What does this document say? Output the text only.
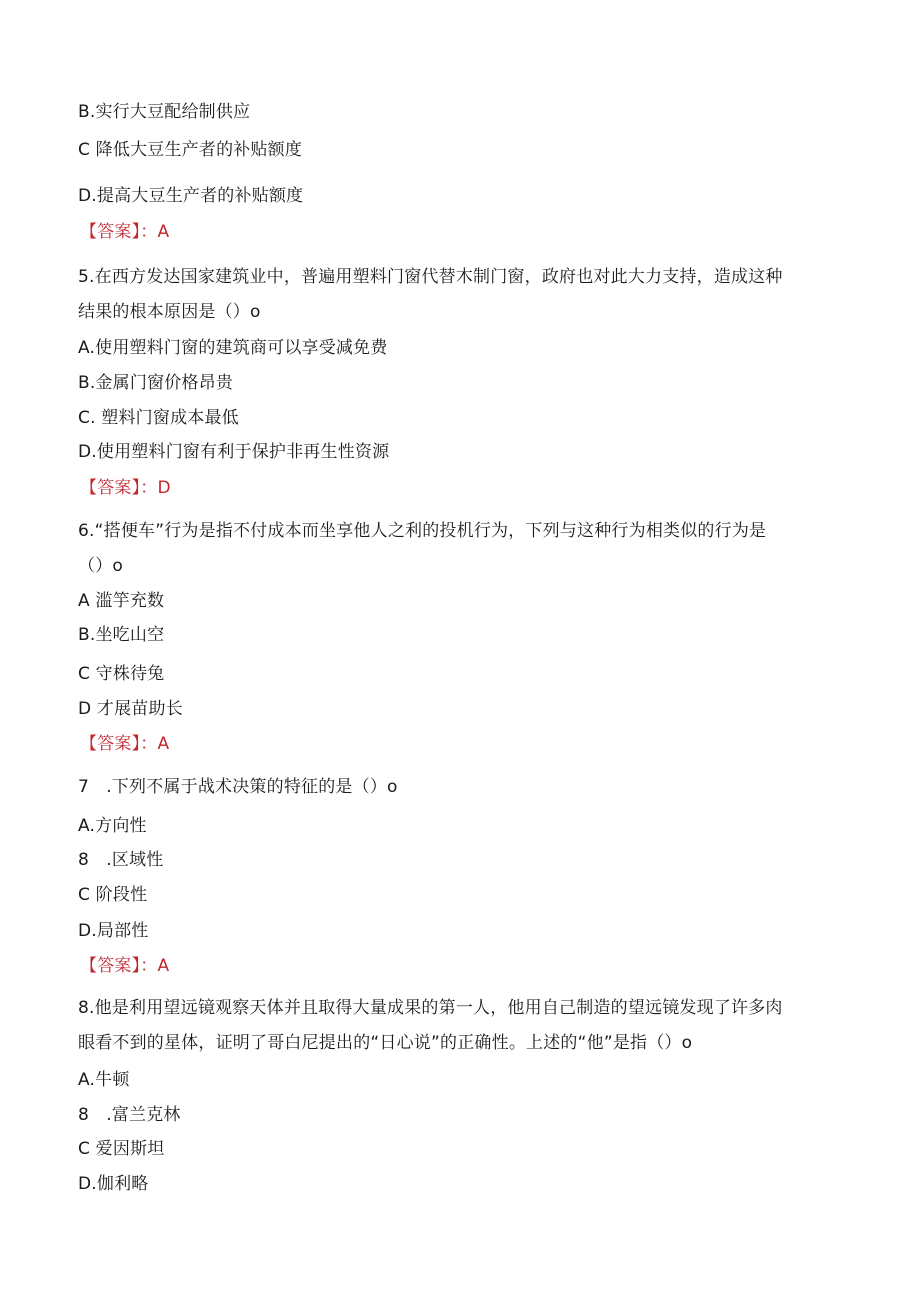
B.实行大豆配给制供应
C 降低大豆生产者的补贴额度
D.提高大豆生产者的补贴额度
【答案】：A
5.在西方发达国家建筑业中，普遍用塑料门窗代替木制门窗，政府也对此大力支持，造成这种
结果的根本原因是（）o
A.使用塑料门窗的建筑商可以享受减免费
B.金属门窗价格昂贵
C. 塑料门窗成本最低
D.使用塑料门窗有利于保护非再生性资源
【答案】：D
6.“搭便车”行为是指不付成本而坐享他人之利的投机行为，下列与这种行为相类似的行为是
（）o
A 滥竽充数
B.坐吃山空
C 守株待兔
D 才展苗助长
【答案】：A
7　.下列不属于战术决策的特征的是（）o
A.方向性
8　.区域性
C 阶段性
D.局部性
【答案】：A
8.他是利用望远镜观察天体并且取得大量成果的第一人，他用自己制造的望远镜发现了许多肉
眼看不到的星体，证明了哥白尼提出的“日心说”的正确性。上述的“他”是指（）o
A.牛顿
8　.富兰克林
C 爱因斯坦
D.伽利略
